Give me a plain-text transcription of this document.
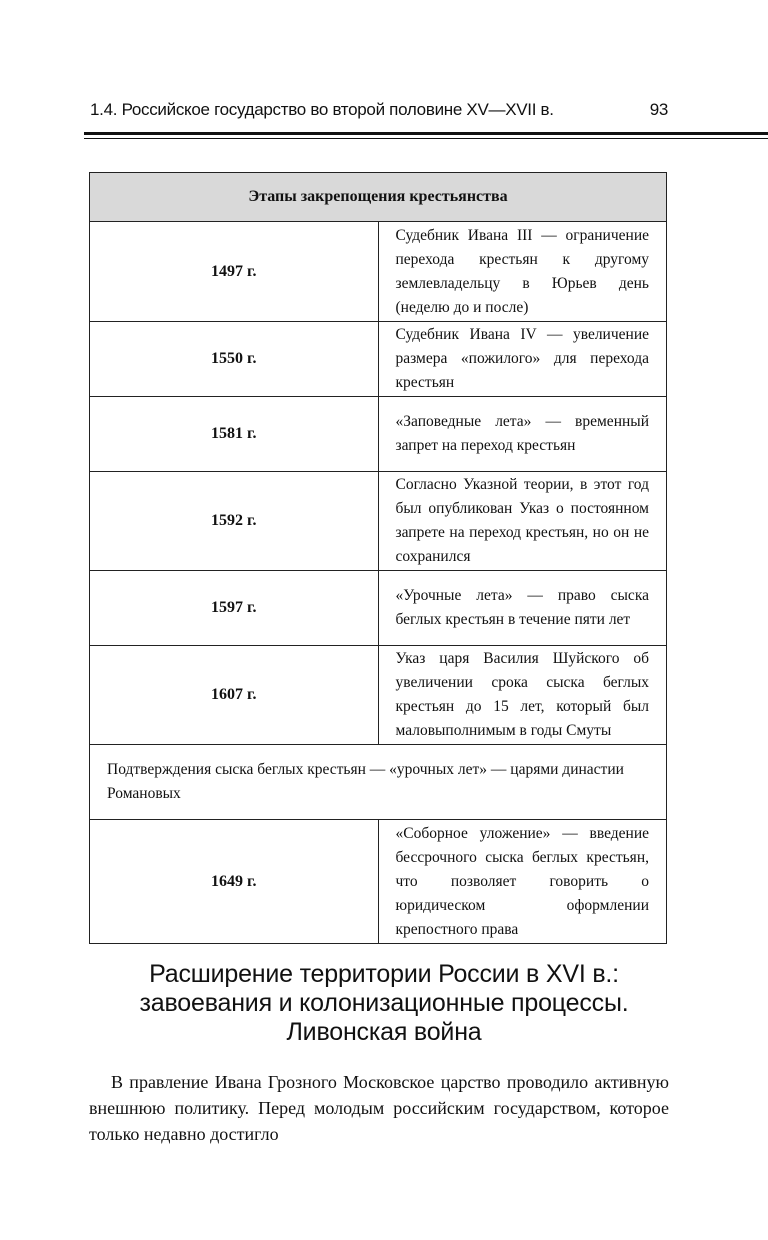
1.4. Российское государство во второй половине XV—XVII в.	93
Этапы закрепощения крестьянства	
1497 г.	Судебник Ивана III — ограничение перехода крестьян к другому землевладельцу в Юрьев день (неделю до и после)
1550 г.	Судебник Ивана IV — увеличение размера «пожилого» для перехода крестьян
1581 г.	«Заповедные лета» — временный запрет на переход крестьян
1592 г.	Согласно Указной теории, в этот год был опубликован Указ о постоянном запрете на переход крестьян, но он не сохранился
1597 г.	«Урочные лета» — право сыска беглых крестьян в течение пяти лет
1607 г.	Указ царя Василия Шуйского об увеличении срока сыска беглых крестьян до 15 лет, который был маловыполнимым в годы Смуты
Подтверждения сыска беглых крестьян — «урочных лет» — царями династии Романовых	
1649 г.	«Соборное уложение» — введение бессрочного сыска беглых крестьян, что позволяет говорить о юридическом оформлении крепостного права
Расширение территории России в XVI в.:
завоевания и колонизационные процессы.
Ливонская война

В правление Ивана Грозного Московское царство проводило активную внешнюю политику. Перед молодым российским государством, которое только недавно достигло
